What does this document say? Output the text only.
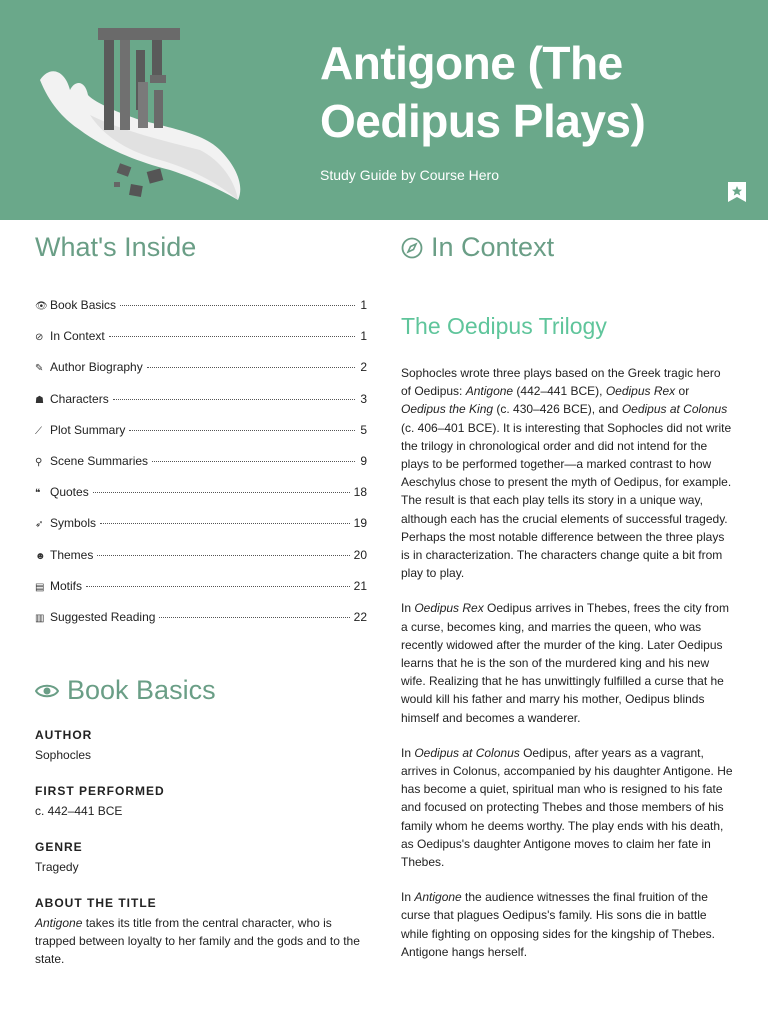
Antigone (The Oedipus Plays)
Study Guide by Course Hero
What's Inside
👁 Book Basics	1
⊘ In Context	1
✎ Author Biography	2
☗ Characters	3
⟋ Plot Summary	5
⚲ Scene Summaries	9
❝ Quotes	18
➶ Symbols	19
☻ Themes	20
▤ Motifs	21
▥ Suggested Reading	22
Book Basics
AUTHOR
Sophocles
FIRST PERFORMED
c. 442–441 BCE
GENRE
Tragedy
ABOUT THE TITLE
Antigone takes its title from the central character, who is trapped between loyalty to her family and the gods and to the state.
In Context
The Oedipus Trilogy

Sophocles wrote three plays based on the Greek tragic hero of Oedipus: Antigone (442–441 BCE), Oedipus Rex or Oedipus the King (c. 430–426 BCE), and Oedipus at Colonus (c. 406–401 BCE). It is interesting that Sophocles did not write the trilogy in chronological order and did not intend for the plays to be performed together—a marked contrast to how Aeschylus chose to present the myth of Oedipus, for example. The result is that each play tells its story in a unique way, although each has the crucial elements of successful tragedy. Perhaps the most notable difference between the three plays is in characterization. The characters change quite a bit from play to play.

In Oedipus Rex Oedipus arrives in Thebes, frees the city from a curse, becomes king, and marries the queen, who was recently widowed after the murder of the king. Later Oedipus learns that he is the son of the murdered king and his new wife. Realizing that he has unwittingly fulfilled a curse that he would kill his father and marry his mother, Oedipus blinds himself and becomes a wanderer.

In Oedipus at Colonus Oedipus, after years as a vagrant, arrives in Colonus, accompanied by his daughter Antigone. He has become a quiet, spiritual man who is resigned to his fate and focused on protecting Thebes and those members of his family whom he deems worthy. The play ends with his death, as Oedipus's daughter Antigone moves to claim her fate in Thebes.

In Antigone the audience witnesses the final fruition of the curse that plagues Oedipus's family. His sons die in battle while fighting on opposing sides for the kingship of Thebes. Antigone hangs herself.
